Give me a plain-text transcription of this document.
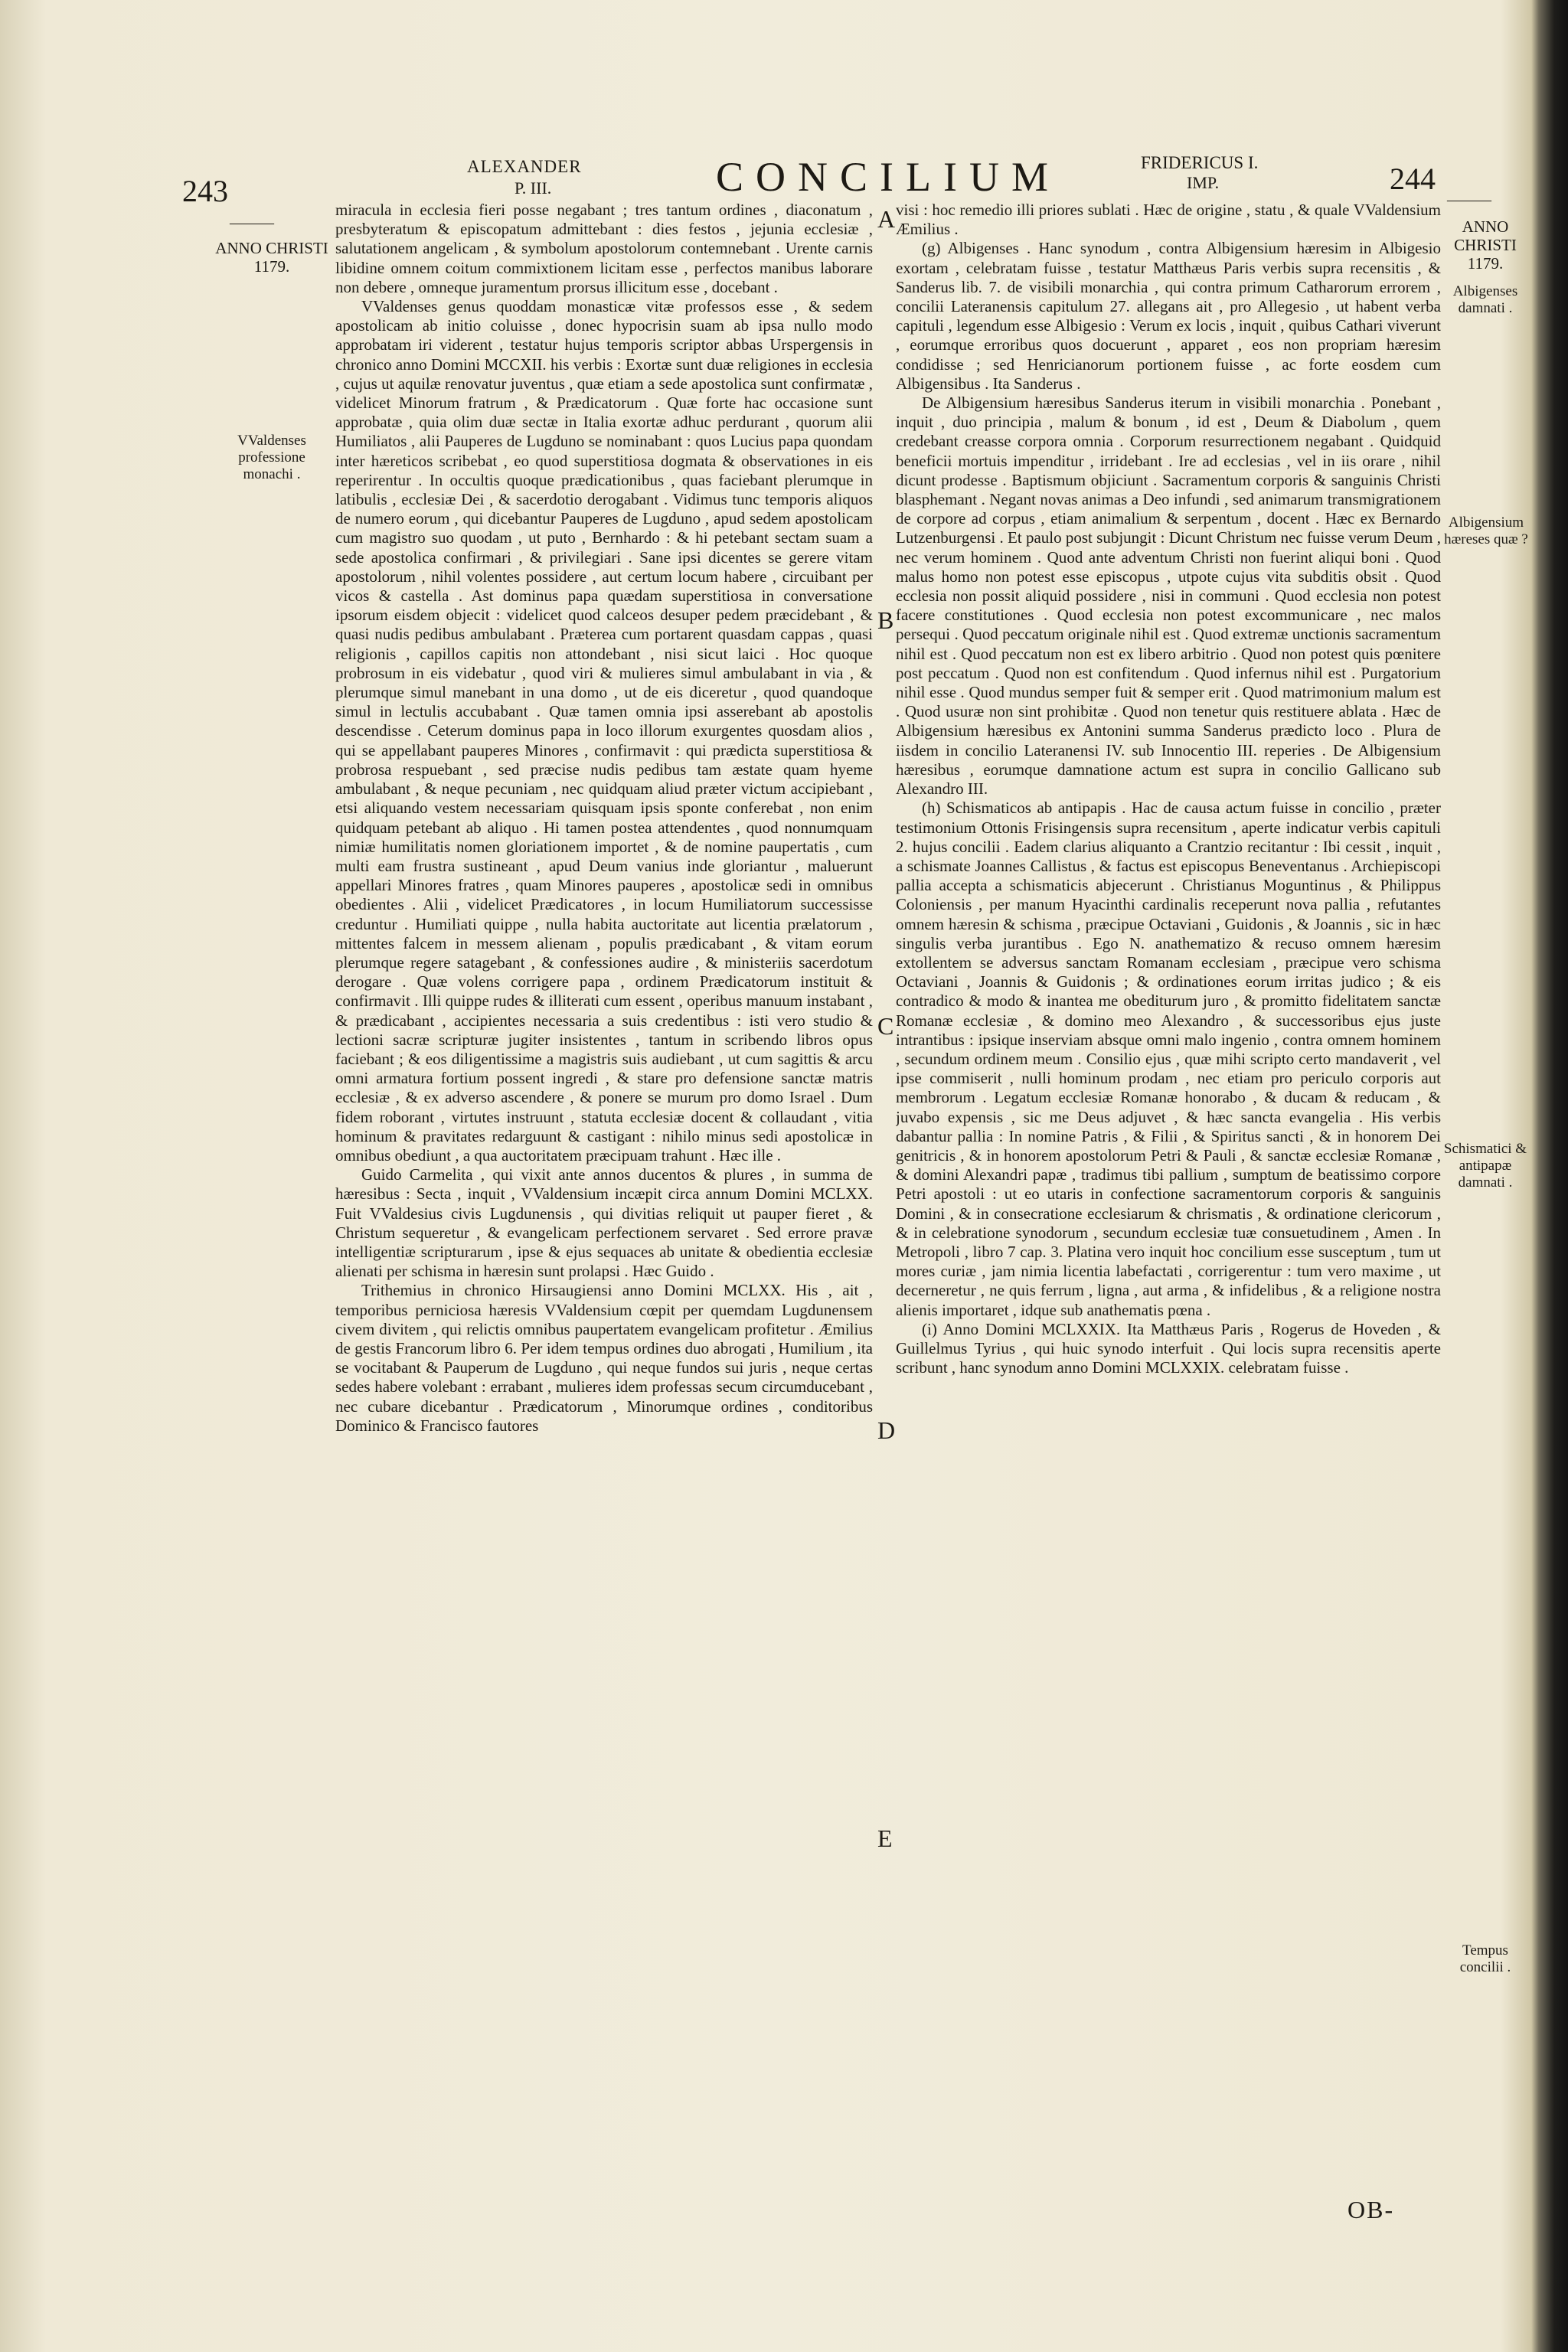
243
ALEXANDER
P. III.	CONCILIUM	FRIDERICUS I.
IMP.	244
———
ANNO CHRISTI 1179.
VValdenses professione monachi .
———
ANNO CHRISTI 1179.
Albigenses damnati .
Albigensium hæreses quæ ?
Schismatici & antipapæ damnati .
Tempus concilii .
A
B
C
D
E

miracula in ecclesia fieri posse negabant ; tres tantum ordines , diaconatum , presbyteratum & episcopatum admittebant : dies festos , jejunia ecclesiæ , salutationem angelicam , & symbolum apostolorum contemnebant . Urente carnis libidine omnem coitum commixtionem licitam esse , perfectos manibus laborare non debere , omneque juramentum prorsus illicitum esse , docebant .

VValdenses genus quoddam monasticæ vitæ professos esse , & sedem apostolicam ab initio coluisse , donec hypocrisin suam ab ipsa nullo modo approbatam iri viderent , testatur hujus temporis scriptor abbas Urspergensis in chronico anno Domini MCCXII. his verbis : Exortæ sunt duæ religiones in ecclesia , cujus ut aquilæ renovatur juventus , quæ etiam a sede apostolica sunt confirmatæ , videlicet Minorum fratrum , & Prædicatorum . Quæ forte hac occasione sunt approbatæ , quia olim duæ sectæ in Italia exortæ adhuc perdurant , quorum alii Humiliatos , alii Pauperes de Lugduno se nominabant : quos Lucius papa quondam inter hæreticos scribebat , eo quod superstitiosa dogmata & observationes in eis reperirentur . In occultis quoque prædicationibus , quas faciebant plerumque in latibulis , ecclesiæ Dei , & sacerdotio derogabant . Vidimus tunc temporis aliquos de numero eorum , qui dicebantur Pauperes de Lugduno , apud sedem apostolicam cum magistro suo quodam , ut puto , Bernhardo : & hi petebant sectam suam a sede apostolica confirmari , & privilegiari . Sane ipsi dicentes se gerere vitam apostolorum , nihil volentes possidere , aut certum locum habere , circuibant per vicos & castella . Ast dominus papa quædam superstitiosa in conversatione ipsorum eisdem objecit : videlicet quod calceos desuper pedem præcidebant , & quasi nudis pedibus ambulabant . Præterea cum portarent quasdam cappas , quasi religionis , capillos capitis non attondebant , nisi sicut laici . Hoc quoque probrosum in eis videbatur , quod viri & mulieres simul ambulabant in via , & plerumque simul manebant in una domo , ut de eis diceretur , quod quandoque simul in lectulis accubabant . Quæ tamen omnia ipsi asserebant ab apostolis descendisse . Ceterum dominus papa in loco illorum exurgentes quosdam alios , qui se appellabant pauperes Minores , confirmavit : qui prædicta superstitiosa & probrosa respuebant , sed præcise nudis pedibus tam æstate quam hyeme ambulabant , & neque pecuniam , nec quidquam aliud præter victum accipiebant , etsi aliquando vestem necessariam quisquam ipsis sponte conferebat , non enim quidquam petebant ab aliquo . Hi tamen postea attendentes , quod nonnumquam nimiæ humilitatis nomen gloriationem importet , & de nomine paupertatis , cum multi eam frustra sustineant , apud Deum vanius inde gloriantur , maluerunt appellari Minores fratres , quam Minores pauperes , apostolicæ sedi in omnibus obedientes . Alii , videlicet Prædicatores , in locum Humiliatorum successisse creduntur . Humiliati quippe , nulla habita auctoritate aut licentia prælatorum , mittentes falcem in messem alienam , populis prædicabant , & vitam eorum plerumque regere satagebant , & confessiones audire , & ministeriis sacerdotum derogare . Quæ volens corrigere papa , ordinem Prædicatorum instituit & confirmavit . Illi quippe rudes & illiterati cum essent , operibus manuum instabant , & prædicabant , accipientes necessaria a suis credentibus : isti vero studio & lectioni sacræ scripturæ jugiter insistentes , tantum in scribendo libros opus faciebant ; & eos diligentissime a magistris suis audiebant , ut cum sagittis & arcu omni armatura fortium possent ingredi , & stare pro defensione sanctæ matris ecclesiæ , & ex adverso ascendere , & ponere se murum pro domo Israel . Dum fidem roborant , virtutes instruunt , statuta ecclesiæ docent & collaudant , vitia hominum & pravitates redarguunt & castigant : nihilo minus sedi apostolicæ in omnibus obediunt , a qua auctoritatem præcipuam trahunt . Hæc ille .

Guido Carmelita , qui vixit ante annos ducentos & plures , in summa de hæresibus : Secta , inquit , VValdensium incæpit circa annum Domini MCLXX. Fuit VValdesius civis Lugdunensis , qui divitias reliquit ut pauper fieret , & Christum sequeretur , & evangelicam perfectionem servaret . Sed errore pravæ intelligentiæ scripturarum , ipse & ejus sequaces ab unitate & obedientia ecclesiæ alienati per schisma in hæresin sunt prolapsi . Hæc Guido .

Trithemius in chronico Hirsaugiensi anno Domini MCLXX. His , ait , temporibus perniciosa hæresis VValdensium cœpit per quemdam Lugdunensem civem divitem , qui relictis omnibus paupertatem evangelicam profitetur . Æmilius de gestis Francorum libro 6. Per idem tempus ordines duo abrogati , Humilium , ita se vocitabant & Pauperum de Lugduno , qui neque fundos sui juris , neque certas sedes habere volebant : errabant , mulieres idem professas secum circumducebant , nec cubare dicebantur . Prædicatorum , Minorumque ordines , conditoribus Dominico & Francisco fautores

visi : hoc remedio illi priores sublati . Hæc de origine , statu , & quale VValdensium Æmilius .

(g) Albigenses . Hanc synodum , contra Albigensium hæresim in Albigesio exortam , celebratam fuisse , testatur Matthæus Paris verbis supra recensitis , & Sanderus lib. 7. de visibili monarchia , qui contra primum Catharorum errorem , concilii Lateranensis capitulum 27. allegans ait , pro Allegesio , ut habent verba capituli , legendum esse Albigesio : Verum ex locis , inquit , quibus Cathari viverunt , eorumque erroribus quos docuerunt , apparet , eos non propriam hæresim condidisse ; sed Henricianorum portionem fuisse , ac forte eosdem cum Albigensibus . Ita Sanderus .

De Albigensium hæresibus Sanderus iterum in visibili monarchia . Ponebant , inquit , duo principia , malum & bonum , id est , Deum & Diabolum , quem credebant creasse corpora omnia . Corporum resurrectionem negabant . Quidquid beneficii mortuis impenditur , irridebant . Ire ad ecclesias , vel in iis orare , nihil dicunt prodesse . Baptismum objiciunt . Sacramentum corporis & sanguinis Christi blasphemant . Negant novas animas a Deo infundi , sed animarum transmigrationem de corpore ad corpus , etiam animalium & serpentum , docent . Hæc ex Bernardo Lutzenburgensi . Et paulo post subjungit : Dicunt Christum nec fuisse verum Deum , nec verum hominem . Quod ante adventum Christi non fuerint aliqui boni . Quod malus homo non potest esse episcopus , utpote cujus vita subditis obsit . Quod ecclesia non possit aliquid possidere , nisi in communi . Quod ecclesia non potest facere constitutiones . Quod ecclesia non potest excommunicare , nec malos persequi . Quod peccatum originale nihil est . Quod extremæ unctionis sacramentum nihil est . Quod peccatum non est ex libero arbitrio . Quod non potest quis pœnitere post peccatum . Quod non est confitendum . Quod infernus nihil est . Purgatorium nihil esse . Quod mundus semper fuit & semper erit . Quod matrimonium malum est . Quod usuræ non sint prohibitæ . Quod non tenetur quis restituere ablata . Hæc de Albigensium hæresibus ex Antonini summa Sanderus prædicto loco . Plura de iisdem in concilio Lateranensi IV. sub Innocentio III. reperies . De Albigensium hæresibus , eorumque damnatione actum est supra in concilio Gallicano sub Alexandro III.

(h) Schismaticos ab antipapis . Hac de causa actum fuisse in concilio , præter testimonium Ottonis Frisingensis supra recensitum , aperte indicatur verbis capituli 2. hujus concilii . Eadem clarius aliquanto a Crantzio recitantur : Ibi cessit , inquit , a schismate Joannes Callistus , & factus est episcopus Beneventanus . Archiepiscopi pallia accepta a schismaticis abjecerunt . Christianus Moguntinus , & Philippus Coloniensis , per manum Hyacinthi cardinalis receperunt nova pallia , refutantes omnem hæresin & schisma , præcipue Octaviani , Guidonis , & Joannis , sic in hæc singulis verba jurantibus . Ego N. anathematizo & recuso omnem hæresim extollentem se adversus sanctam Romanam ecclesiam , præcipue vero schisma Octaviani , Joannis & Guidonis ; & ordinationes eorum irritas judico ; & eis contradico & modo & inantea me obediturum juro , & promitto fidelitatem sanctæ Romanæ ecclesiæ , & domino meo Alexandro , & successoribus ejus juste intrantibus : ipsique inserviam absque omni malo ingenio , contra omnem hominem , secundum ordinem meum . Consilio ejus , quæ mihi scripto certo mandaverit , vel ipse commiserit , nulli hominum prodam , nec etiam pro periculo corporis aut membrorum . Legatum ecclesiæ Romanæ honorabo , & ducam & reducam , & juvabo expensis , sic me Deus adjuvet , & hæc sancta evangelia . His verbis dabantur pallia : In nomine Patris , & Filii , & Spiritus sancti , & in honorem Dei genitricis , & in honorem apostolorum Petri & Pauli , & sanctæ ecclesiæ Romanæ , & domini Alexandri papæ , tradimus tibi pallium , sumptum de beatissimo corpore Petri apostoli : ut eo utaris in confectione sacramentorum corporis & sanguinis Domini , & in consecratione ecclesiarum & chrismatis , & ordinatione clericorum , & in celebratione synodorum , secundum ecclesiæ tuæ consuetudinem , Amen . In Metropoli , libro 7 cap. 3. Platina vero inquit hoc concilium esse susceptum , tum ut mores curiæ , jam nimia licentia labefactati , corrigerentur : tum vero maxime , ut decerneretur , ne quis ferrum , ligna , aut arma , & infidelibus , & a religione nostra alienis importaret , idque sub anathematis pœna .

(i) Anno Domini MCLXXIX. Ita Matthæus Paris , Rogerus de Hoveden , & Guillelmus Tyrius , qui huic synodo interfuit . Qui locis supra recensitis aperte scribunt , hanc synodum anno Domini MCLXXIX. celebratam fuisse .

OB-
